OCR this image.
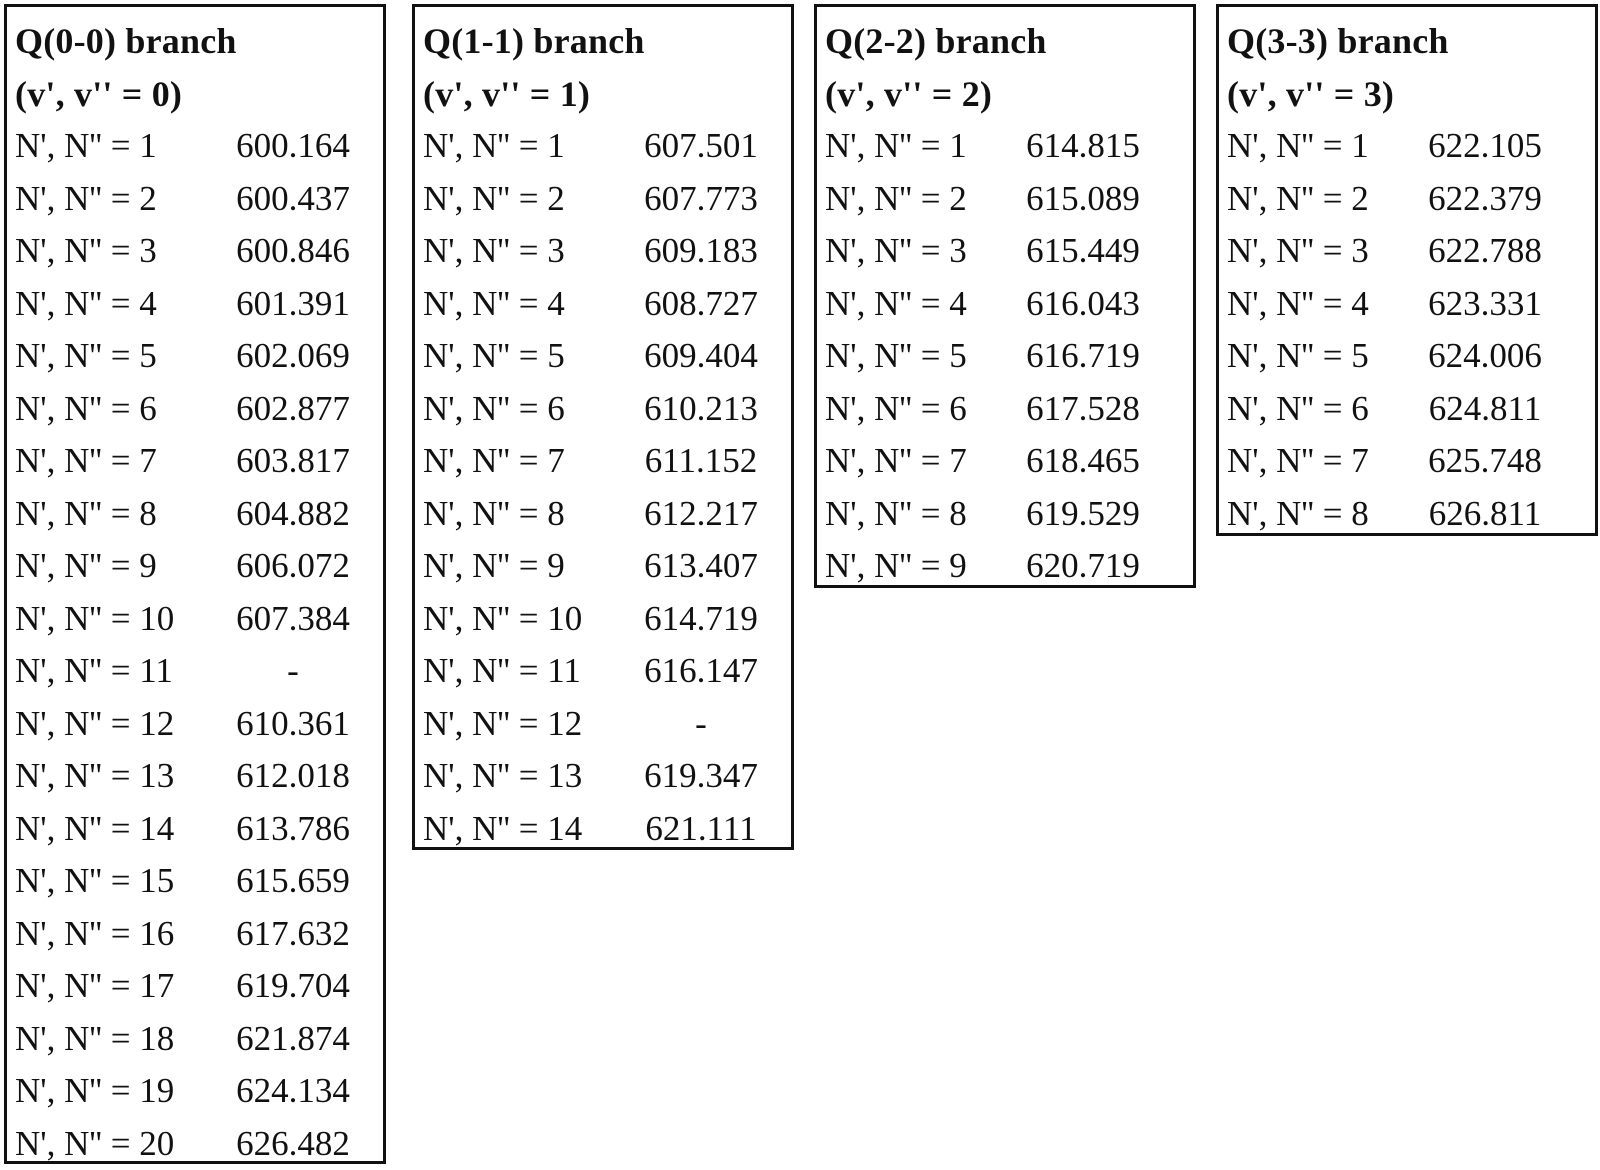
Q(0-0) branch
(v', v'' = 0)
N', N'' = 1	600.164
N', N'' = 2	600.437
N', N'' = 3	600.846
N', N'' = 4	601.391
N', N'' = 5	602.069
N', N'' = 6	602.877
N', N'' = 7	603.817
N', N'' = 8	604.882
N', N'' = 9	606.072
N', N'' = 10	607.384
N', N'' = 11	-
N', N'' = 12	610.361
N', N'' = 13	612.018
N', N'' = 14	613.786
N', N'' = 15	615.659
N', N'' = 16	617.632
N', N'' = 17	619.704
N', N'' = 18	621.874
N', N'' = 19	624.134
N', N'' = 20	626.482
Q(1-1) branch
(v', v'' = 1)
N', N'' = 1	607.501
N', N'' = 2	607.773
N', N'' = 3	609.183
N', N'' = 4	608.727
N', N'' = 5	609.404
N', N'' = 6	610.213
N', N'' = 7	611.152
N', N'' = 8	612.217
N', N'' = 9	613.407
N', N'' = 10	614.719
N', N'' = 11	616.147
N', N'' = 12	-
N', N'' = 13	619.347
N', N'' = 14	621.111
Q(2-2) branch
(v', v'' = 2)
N', N'' = 1	614.815
N', N'' = 2	615.089
N', N'' = 3	615.449
N', N'' = 4	616.043
N', N'' = 5	616.719
N', N'' = 6	617.528
N', N'' = 7	618.465
N', N'' = 8	619.529
N', N'' = 9	620.719
Q(3-3) branch
(v', v'' = 3)
N', N'' = 1	622.105
N', N'' = 2	622.379
N', N'' = 3	622.788
N', N'' = 4	623.331
N', N'' = 5	624.006
N', N'' = 6	624.811
N', N'' = 7	625.748
N', N'' = 8	626.811
